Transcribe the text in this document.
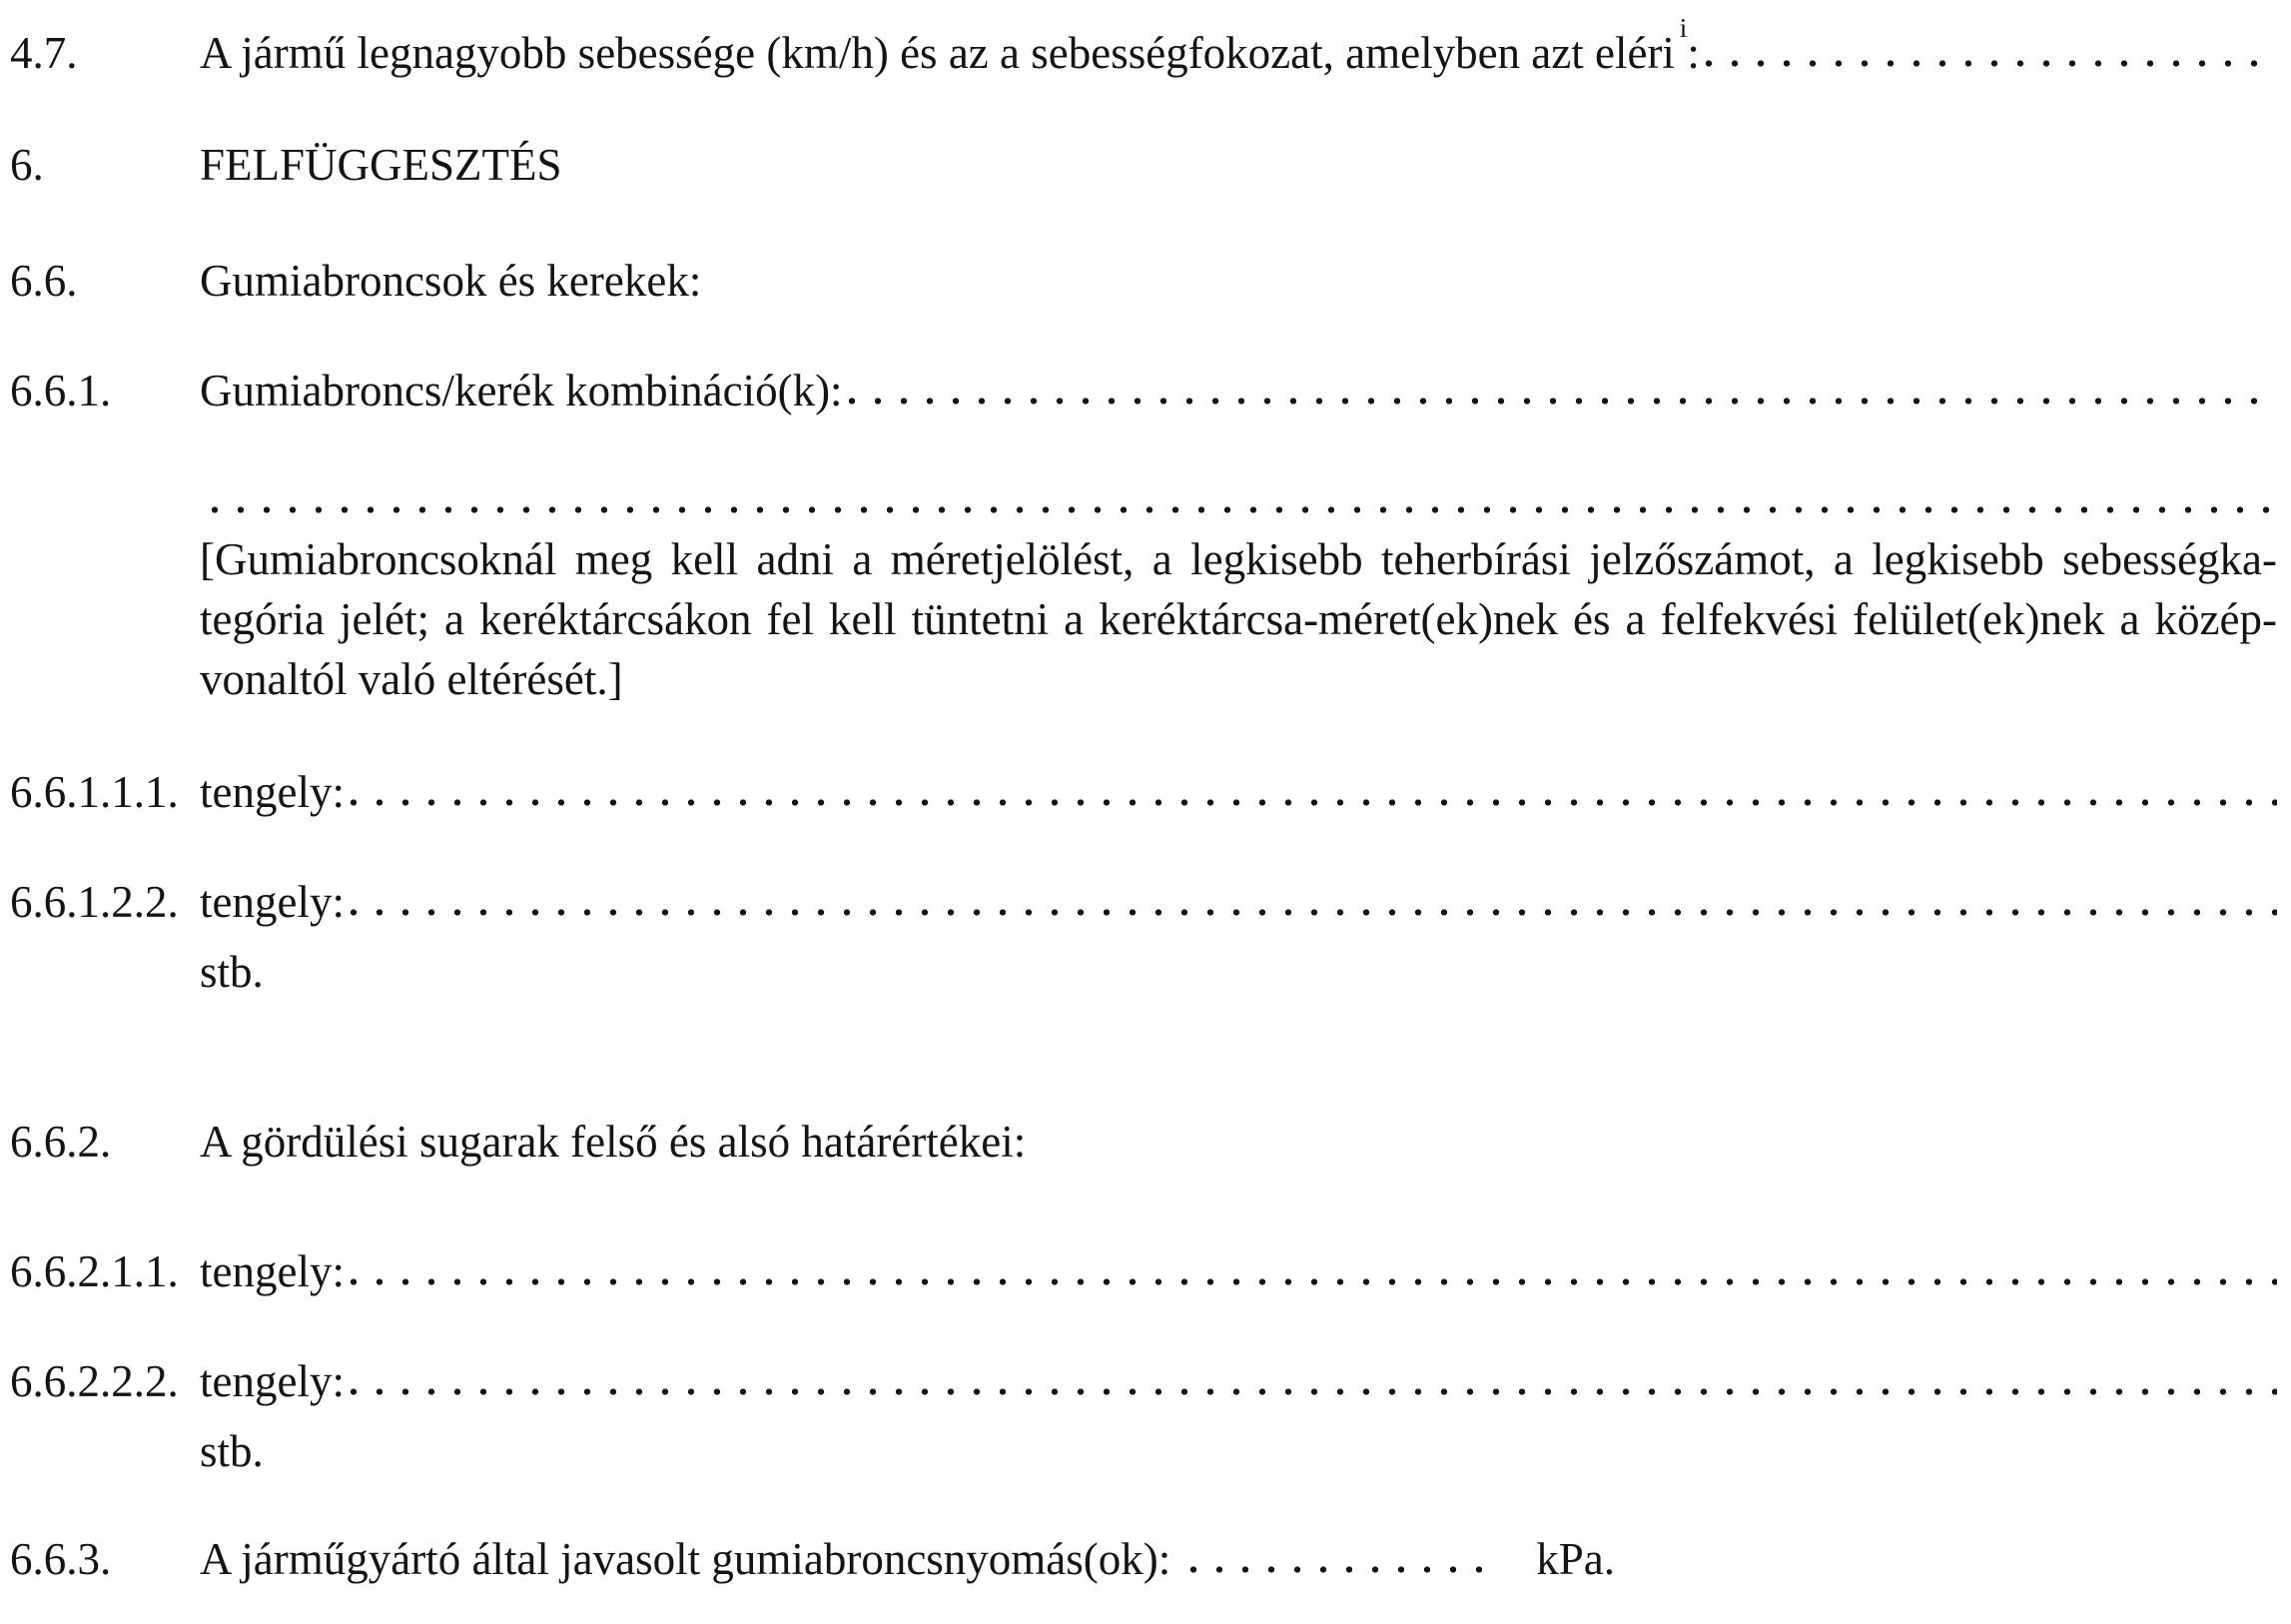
4.7.	A jármű legnagyobb sebessége (km/h) és az a sebességfokozat, amelyben azt eléri $^i$:
6.	FELFÜGGESZTÉS
6.6.	Gumiabroncsok és kerekek:
6.6.1.	Gumiabroncs/kerék kombináció(k):
[Gumiabroncsoknál meg kell adni a méretjelölést, a legkisebb teherbírási jelzőszámot, a legkisebb sebességka-
tegória jelét; a keréktárcsákon fel kell tüntetni a keréktárcsa-méret(ek)nek és a felfekvési felület(ek)nek a közép-
vonaltól való eltérését.]
6.6.1.1.1. tengely:
6.6.1.2.2. tengely:
stb.
6.6.2.	A gördülési sugarak felső és alsó határértékei:
6.6.2.1.1. tengely:
6.6.2.2.2. tengely:
stb.
6.6.3.	A járműgyártó által javasolt gumiabroncsnyomás(ok):	kPa.
